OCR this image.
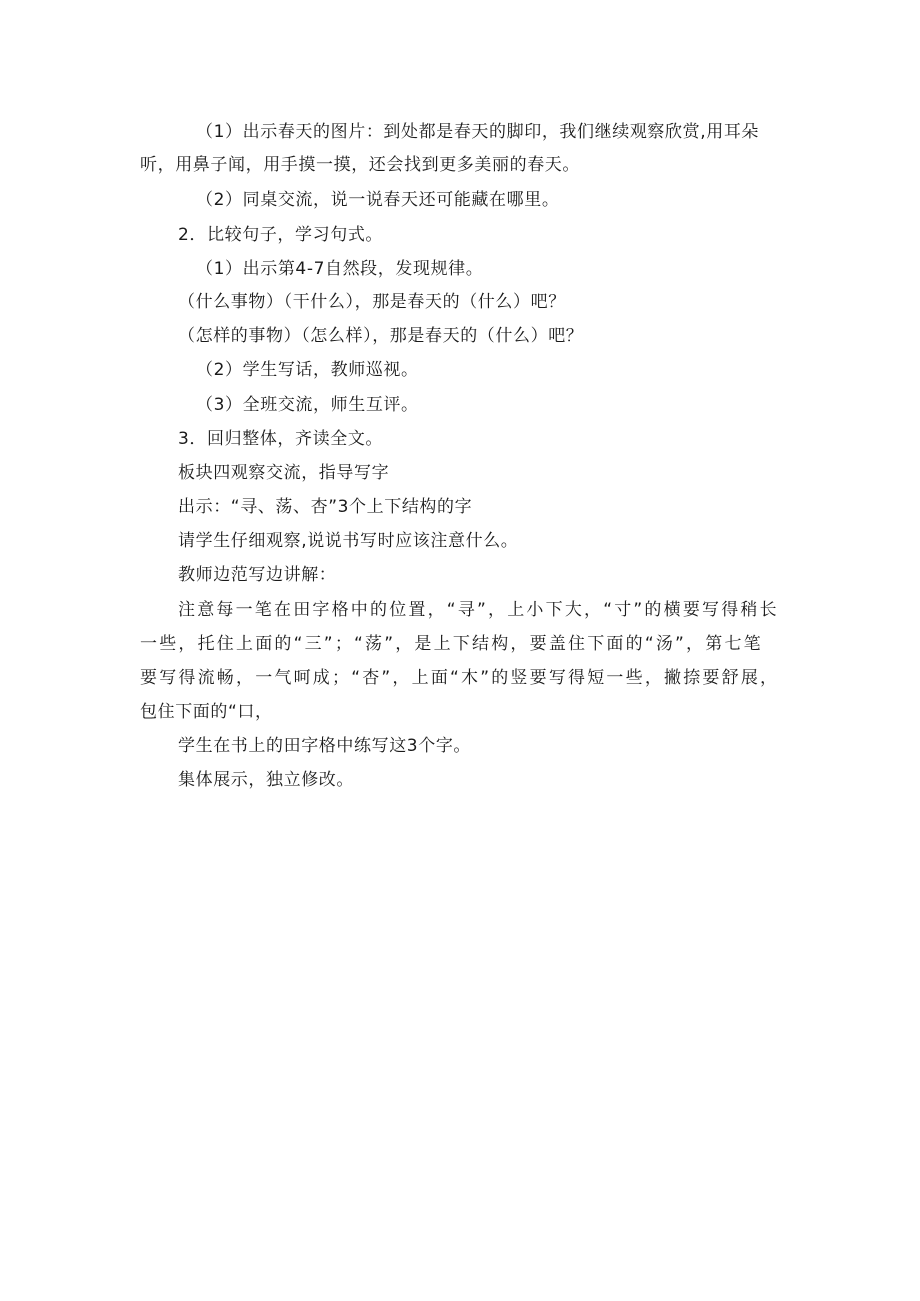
（1）出示春天的图片：到处都是春天的脚印，我们继续观察欣赏,用耳朵
听，用鼻子闻，用手摸一摸，还会找到更多美丽的春天。
（2）同桌交流，说一说春天还可能藏在哪里。
2．比较句子，学习句式。
（1）出示第4-7自然段，发现规律。
（什么事物）（干什么），那是春天的（什么）吧？
（怎样的事物）（怎么样），那是春天的（什么）吧？
（2）学生写话，教师巡视。
（3）全班交流，师生互评。
3．回归整体，齐读全文。
板块四观察交流，指导写字
出示：“寻、荡、杏”3个上下结构的字
请学生仔细观察,说说书写时应该注意什么。
教师边范写边讲解：
注意每一笔在田字格中的位置，“寻”，上小下大，“寸”的横要写得稍长
一些，托住上面的“三”；“荡”，是上下结构，要盖住下面的“汤”，第七笔
要写得流畅，一气呵成；“杏”，上面“木”的竖要写得短一些，撇捺要舒展，
包住下面的“口，
学生在书上的田字格中练写这3个字。
集体展示，独立修改。
